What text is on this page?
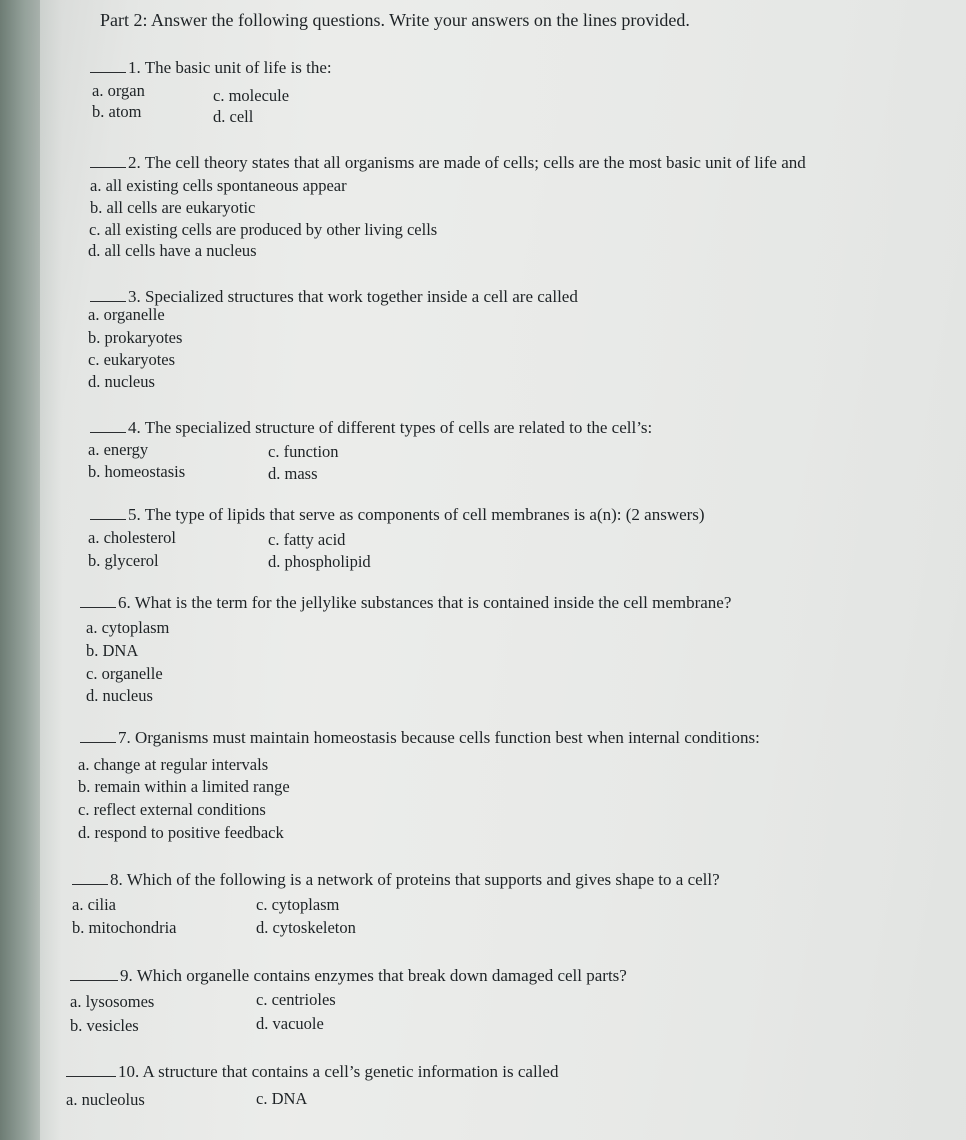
Part 2: Answer the following questions. Write your answers on the lines provided.
1. The basic unit of life is the:
a. organ	c. molecule
b. atom	d. cell
2. The cell theory states that all organisms are made of cells; cells are the most basic unit of life and
a. all existing cells spontaneous appear
b. all cells are eukaryotic
c. all existing cells are produced by other living cells
d. all cells have a nucleus
3. Specialized structures that work together inside a cell are called
a. organelle
b. prokaryotes
c. eukaryotes
d. nucleus
4. The specialized structure of different types of cells are related to the cell’s:
a. energy	c. function
b. homeostasis	d. mass
5. The type of lipids that serve as components of cell membranes is a(n): (2 answers)
a. cholesterol	c. fatty acid
b. glycerol	d. phospholipid
6. What is the term for the jellylike substances that is contained inside the cell membrane?
a. cytoplasm
b. DNA
c. organelle
d. nucleus
7. Organisms must maintain homeostasis because cells function best when internal conditions:
a. change at regular intervals
b. remain within a limited range
c. reflect external conditions
d. respond to positive feedback
8. Which of the following is a network of proteins that supports and gives shape to a cell?
a. cilia	c. cytoplasm
b. mitochondria	d. cytoskeleton
9. Which organelle contains enzymes that break down damaged cell parts?
a. lysosomes	c. centrioles
b. vesicles	d. vacuole
10. A structure that contains a cell’s genetic information is called
a. nucleolus	c. DNA
